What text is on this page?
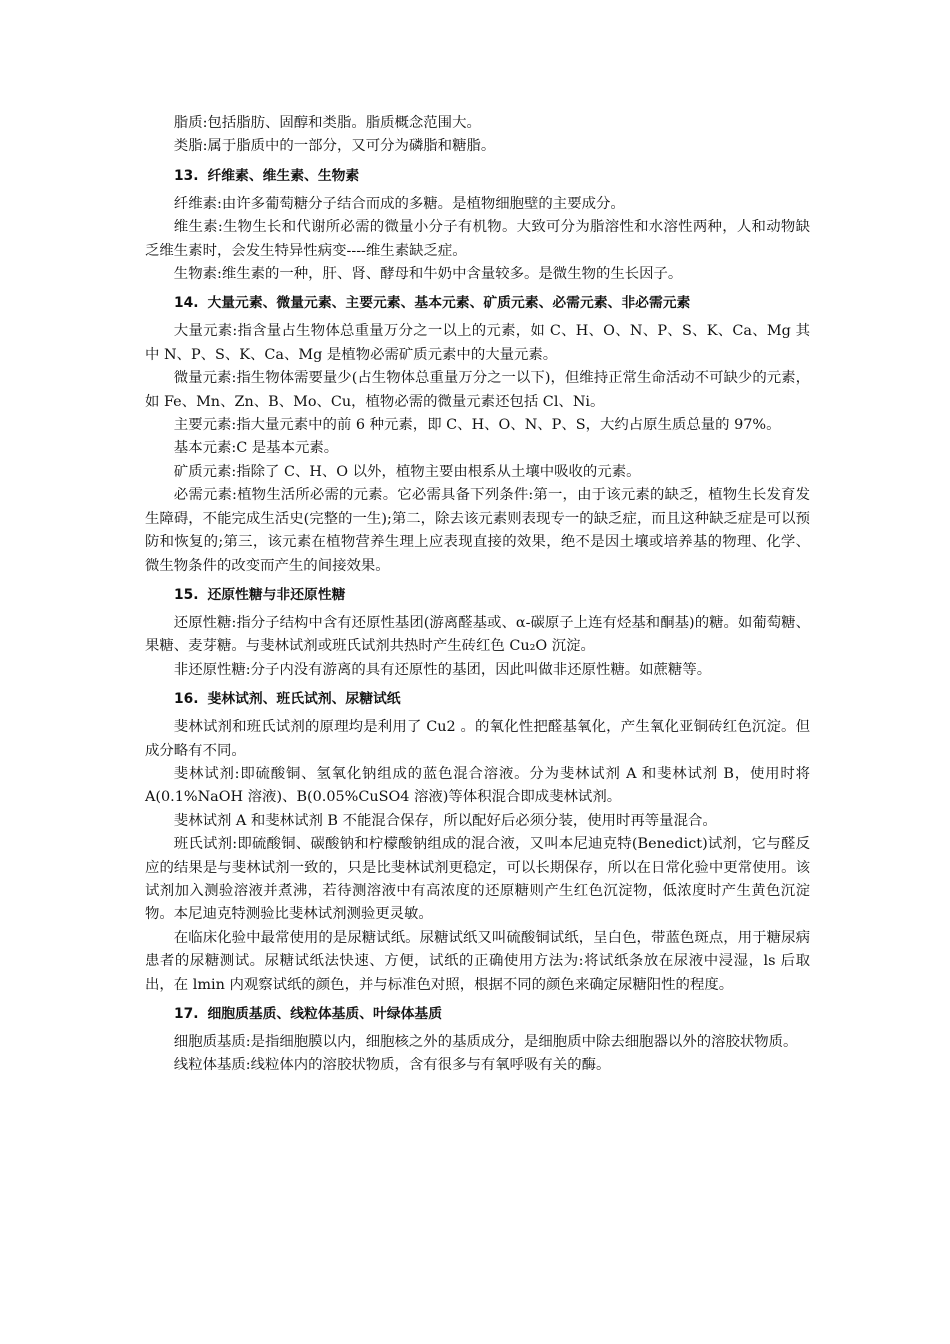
脂质:包括脂肪、固醇和类脂。脂质概念范围大。

类脂:属于脂质中的一部分，又可分为磷脂和糖脂。

13. 纤维素、维生素、生物素

纤维素:由许多葡萄糖分子结合而成的多糖。是植物细胞壁的主要成分。

维生素:生物生长和代谢所必需的微量小分子有机物。大致可分为脂溶性和水溶性两种，人和动物缺乏维生素时，会发生特异性病变----维生素缺乏症。

生物素:维生素的一种，肝、肾、酵母和牛奶中含量较多。是微生物的生长因子。

14. 大量元素、微量元素、主要元素、基本元素、矿质元素、必需元素、非必需元素

大量元素:指含量占生物体总重量万分之一以上的元素，如 C、H、O、N、P、S、K、Ca、Mg 其中 N、P、S、K、Ca、Mg 是植物必需矿质元素中的大量元素。

微量元素:指生物体需要量少(占生物体总重量万分之一以下)，但维持正常生命活动不可缺少的元素，如 Fe、Mn、Zn、B、Mo、Cu，植物必需的微量元素还包括 Cl、Ni。

主要元素:指大量元素中的前 6 种元素，即 C、H、O、N、P、S，大约占原生质总量的 97%。

基本元素:C 是基本元素。

矿质元素:指除了 C、H、O 以外，植物主要由根系从土壤中吸收的元素。

必需元素:植物生活所必需的元素。它必需具备下列条件:第一，由于该元素的缺乏，植物生长发育发生障碍，不能完成生活史(完整的一生);第二，除去该元素则表现专一的缺乏症，而且这种缺乏症是可以预防和恢复的;第三，该元素在植物营养生理上应表现直接的效果，绝不是因土壤或培养基的物理、化学、微生物条件的改变而产生的间接效果。

15. 还原性糖与非还原性糖

还原性糖:指分子结构中含有还原性基团(游离醛基或、α-碳原子上连有烃基和酮基)的糖。如葡萄糖、果糖、麦芽糖。与斐林试剂或班氏试剂共热时产生砖红色 Cu₂O 沉淀。

非还原性糖:分子内没有游离的具有还原性的基团，因此叫做非还原性糖。如蔗糖等。

16. 斐林试剂、班氏试剂、尿糖试纸

斐林试剂和班氏试剂的原理均是利用了 Cu2 。的氧化性把醛基氧化，产生氧化亚铜砖红色沉淀。但成分略有不同。

斐林试剂:即硫酸铜、氢氧化钠组成的蓝色混合溶液。分为斐林试剂 A 和斐林试剂 B，使用时将 A(0.1%NaOH 溶液)、B(0.05%CuSO4 溶液)等体积混合即成斐林试剂。

斐林试剂 A 和斐林试剂 B 不能混合保存，所以配好后必须分装，使用时再等量混合。

班氏试剂:即硫酸铜、碳酸钠和柠檬酸钠组成的混合液，又叫本尼迪克特(Benedict)试剂，它与醛反应的结果是与斐林试剂一致的，只是比斐林试剂更稳定，可以长期保存，所以在日常化验中更常使用。该试剂加入测验溶液并煮沸，若待测溶液中有高浓度的还原糖则产生红色沉淀物，低浓度时产生黄色沉淀物。本尼迪克特测验比斐林试剂测验更灵敏。

在临床化验中最常使用的是尿糖试纸。尿糖试纸又叫硫酸铜试纸，呈白色，带蓝色斑点，用于糖尿病患者的尿糖测试。尿糖试纸法快速、方便，试纸的正确使用方法为:将试纸条放在尿液中浸湿，ls 后取出，在 lmin 内观察试纸的颜色，并与标准色对照，根据不同的颜色来确定尿糖阳性的程度。

17. 细胞质基质、线粒体基质、叶绿体基质

细胞质基质:是指细胞膜以内，细胞核之外的基质成分，是细胞质中除去细胞器以外的溶胶状物质。

线粒体基质:线粒体内的溶胶状物质，含有很多与有氧呼吸有关的酶。
